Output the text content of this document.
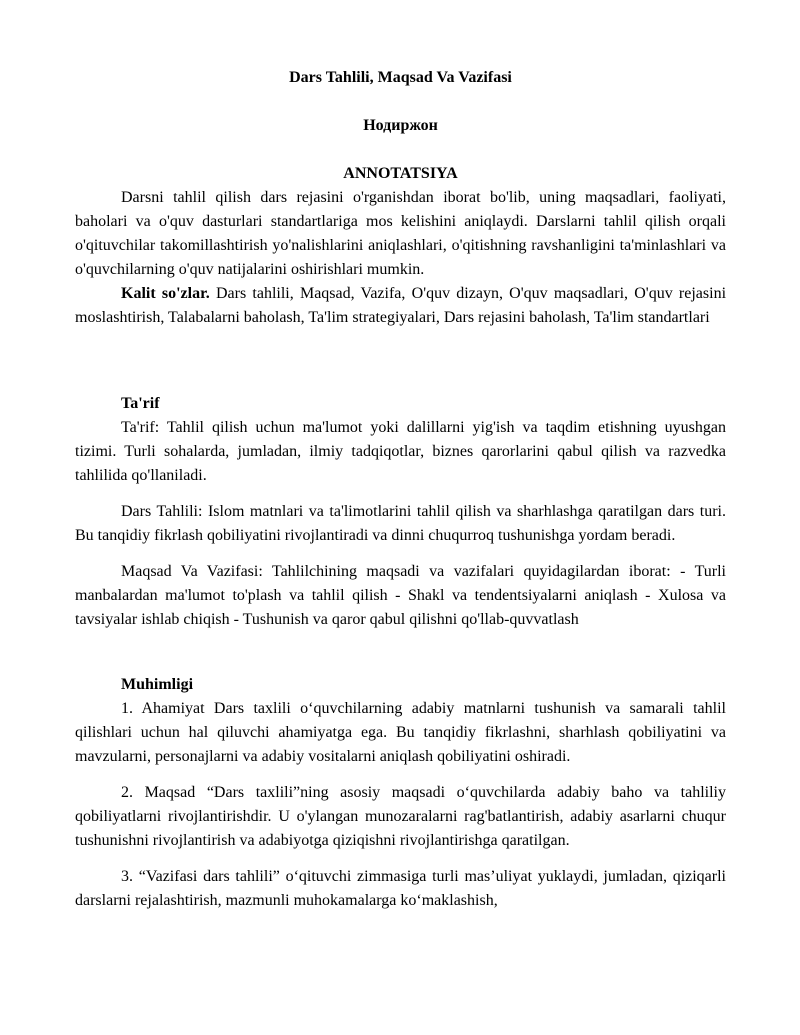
Dars Tahlili, Maqsad Va Vazifasi
Нодиржон
ANNOTATSIYA

Darsni tahlil qilish dars rejasini o'rganishdan iborat bo'lib, uning maqsadlari, faoliyati, baholari va o'quv dasturlari standartlariga mos kelishini aniqlaydi. Darslarni tahlil qilish orqali o'qituvchilar takomillashtirish yo'nalishlarini aniqlashlari, o'qitishning ravshanligini ta'minlashlari va o'quvchilarning o'quv natijalarini oshirishlari mumkin.

Kalit so'zlar. Dars tahlili, Maqsad, Vazifa, O'quv dizayn, O'quv maqsadlari, O'quv rejasini moslashtirish, Talabalarni baholash, Ta'lim strategiyalari, Dars rejasini baholash, Ta'lim standartlari

Ta'rif

Ta'rif: Tahlil qilish uchun ma'lumot yoki dalillarni yig'ish va taqdim etishning uyushgan tizimi. Turli sohalarda, jumladan, ilmiy tadqiqotlar, biznes qarorlarini qabul qilish va razvedka tahlilida qo'llaniladi.

Dars Tahlili: Islom matnlari va ta'limotlarini tahlil qilish va sharhlashga qaratilgan dars turi. Bu tanqidiy fikrlash qobiliyatini rivojlantiradi va dinni chuqurroq tushunishga yordam beradi.

Maqsad Va Vazifasi: Tahlilchining maqsadi va vazifalari quyidagilardan iborat: - Turli manbalardan ma'lumot to'plash va tahlil qilish - Shakl va tendentsiyalarni aniqlash - Xulosa va tavsiyalar ishlab chiqish - Tushunish va qaror qabul qilishni qo'llab-quvvatlash

Muhimligi

1. Ahamiyat Dars taxlili o‘quvchilarning adabiy matnlarni tushunish va samarali tahlil qilishlari uchun hal qiluvchi ahamiyatga ega. Bu tanqidiy fikrlashni, sharhlash qobiliyatini va mavzularni, personajlarni va adabiy vositalarni aniqlash qobiliyatini oshiradi.

2. Maqsad “Dars taxlili”ning asosiy maqsadi o‘quvchilarda adabiy baho va tahliliy qobiliyatlarni rivojlantirishdir. U o'ylangan munozaralarni rag'batlantirish, adabiy asarlarni chuqur tushunishni rivojlantirish va adabiyotga qiziqishni rivojlantirishga qaratilgan.

3. “Vazifasi dars tahlili” o‘qituvchi zimmasiga turli mas’uliyat yuklaydi, jumladan, qiziqarli darslarni rejalashtirish, mazmunli muhokamalarga ko‘maklashish,
